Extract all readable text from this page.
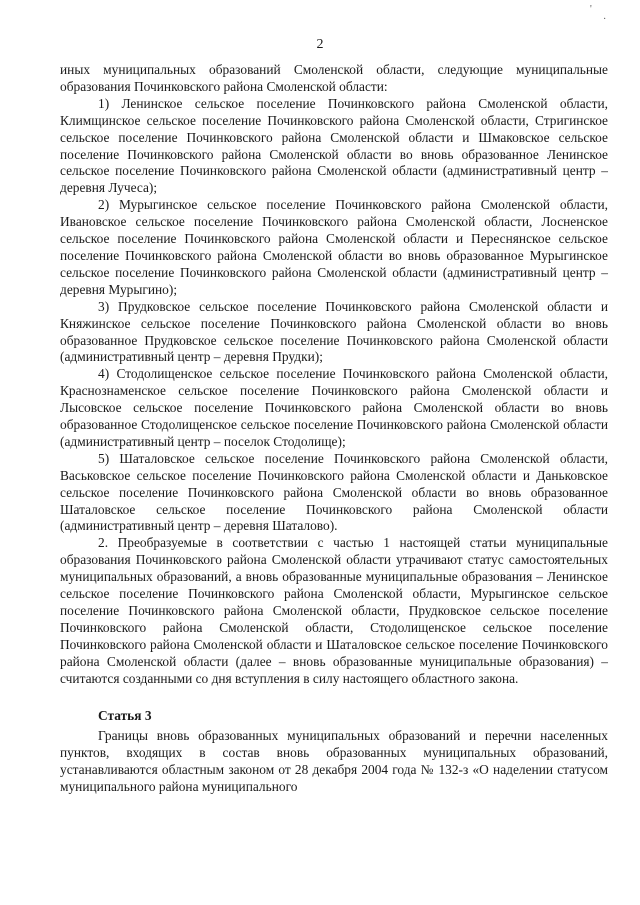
'
·
2

иных муниципальных образований Смоленской области, следующие муниципальные образования Починковского района Смоленской области:

1) Ленинское сельское поселение Починковского района Смоленской области, Климщинское сельское поселение Починковского района Смоленской области, Стригинское сельское поселение Починковского района Смоленской области и Шмаковское сельское поселение Починковского района Смоленской области во вновь образованное Ленинское сельское поселение Починковского района Смоленской области (административный центр – деревня Лучеса);

2) Мурыгинское сельское поселение Починковского района Смоленской области, Ивановское сельское поселение Починковского района Смоленской области, Лосненское сельское поселение Починковского района Смоленской области и Переснянское сельское поселение Починковского района Смоленской области во вновь образованное Мурыгинское сельское поселение Починковского района Смоленской области (административный центр – деревня Мурыгино);

3) Прудковское сельское поселение Починковского района Смоленской области и Княжинское сельское поселение Починковского района Смоленской области во вновь образованное Прудковское сельское поселение Починковского района Смоленской области (административный центр – деревня Прудки);

4) Стодолищенское сельское поселение Починковского района Смоленской области, Краснознаменское сельское поселение Починковского района Смоленской области и Лысовское сельское поселение Починковского района Смоленской области во вновь образованное Стодолищенское сельское поселение Починковского района Смоленской области (административный центр – поселок Стодолище);

5) Шаталовское сельское поселение Починковского района Смоленской области, Васьковское сельское поселение Починковского района Смоленской области и Даньковское сельское поселение Починковского района Смоленской области во вновь образованное Шаталовское сельское поселение Починковского района Смоленской области (административный центр – деревня Шаталово).

2. Преобразуемые в соответствии с частью 1 настоящей статьи муниципальные образования Починковского района Смоленской области утрачивают статус самостоятельных муниципальных образований, а вновь образованные муниципальные образования – Ленинское сельское поселение Починковского района Смоленской области, Мурыгинское сельское поселение Починковского района Смоленской области, Прудковское сельское поселение Починковского района Смоленской области, Стодолищенское сельское поселение Починковского района Смоленской области и Шаталовское сельское поселение Починковского района Смоленской области (далее – вновь образованные муниципальные образования) – считаются созданными со дня вступления в силу настоящего областного закона.

Статья 3

Границы вновь образованных муниципальных образований и перечни населенных пунктов, входящих в состав вновь образованных муниципальных образований, устанавливаются областным законом от 28 декабря 2004 года № 132-з «О наделении статусом муниципального района муниципального
